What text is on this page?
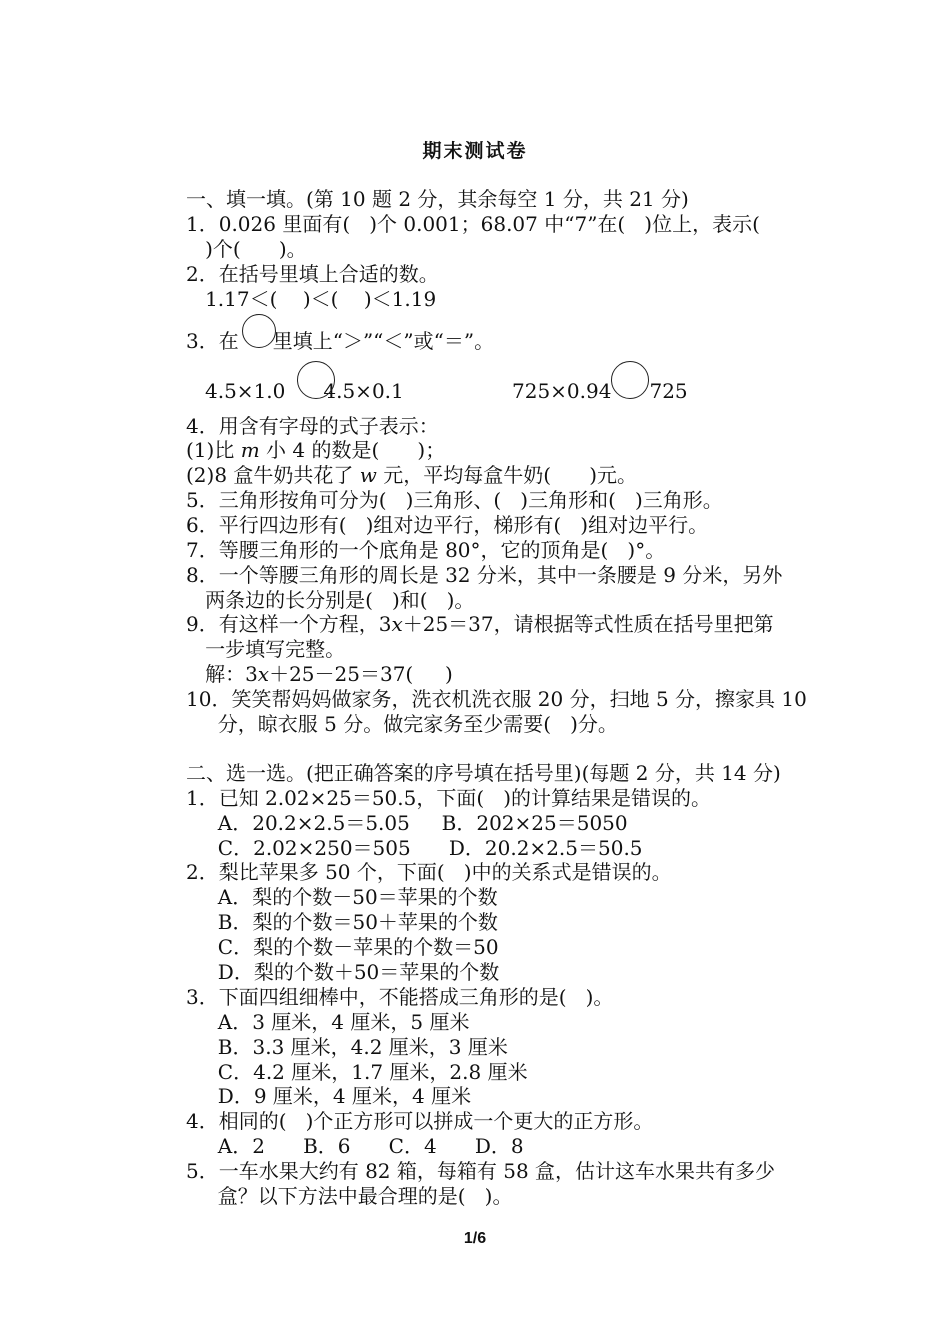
期末测试卷
一、填一填。(第 10 题 2 分，其余每空 1 分，共 21 分)
1．0.026 里面有(   )个 0.001；68.07 中“7”在(   )位上，表示(
)个(      )。
2．在括号里填上合适的数。
1.17＜(    )＜(    )＜1.19
3．在 里填上“＞”“＜”或“＝”。
4.5×1.0 4.5×0.1	725×0.94 725
4．用含有字母的式子表示：
(1)比 m 小 4 的数是(      )；
(2)8 盒牛奶共花了 w 元，平均每盒牛奶(      )元。
5．三角形按角可分为(   )三角形、(   )三角形和(   )三角形。
6．平行四边形有(   )组对边平行，梯形有(   )组对边平行。
7．等腰三角形的一个底角是 80°，它的顶角是(   )°。
8．一个等腰三角形的周长是 32 分米，其中一条腰是 9 分米，另外
两条边的长分别是(   )和(   )。
9．有这样一个方程，3x＋25＝37，请根据等式性质在括号里把第
一步填写完整。
解：3x＋25－25＝37(     )
10．笑笑帮妈妈做家务，洗衣机洗衣服 20 分，扫地 5 分，擦家具 10
分，晾衣服 5 分。做完家务至少需要(   )分。
二、选一选。(把正确答案的序号填在括号里)(每题 2 分，共 14 分)
1．已知 2.02×25＝50.5，下面(   )的计算结果是错误的。
A．20.2×2.5＝5.05     B．202×25＝5050
C．2.02×250＝505      D．20.2×2.5＝50.5
2．梨比苹果多 50 个，下面(   )中的关系式是错误的。
A．梨的个数－50＝苹果的个数
B．梨的个数＝50＋苹果的个数
C．梨的个数－苹果的个数＝50
D．梨的个数＋50＝苹果的个数
3．下面四组细棒中，不能搭成三角形的是(   )。
A．3 厘米，4 厘米，5 厘米
B．3.3 厘米，4.2 厘米，3 厘米
C．4.2 厘米，1.7 厘米，2.8 厘米
D．9 厘米，4 厘米，4 厘米
4．相同的(   )个正方形可以拼成一个更大的正方形。
A．2      B．6      C．4      D．8
5．一车水果大约有 82 箱，每箱有 58 盒，估计这车水果共有多少
盒？以下方法中最合理的是(   )。
1/6
